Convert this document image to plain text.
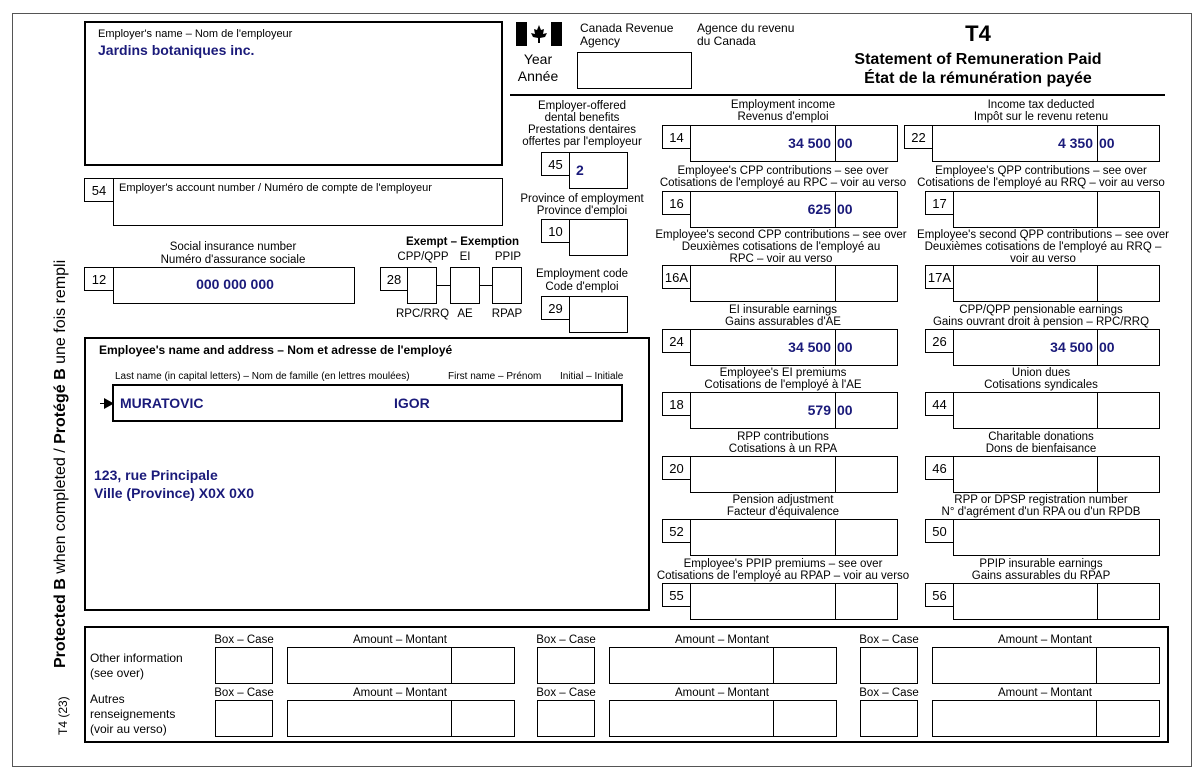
Protected B when completed / Protégé B une fois rempli
T4 (23)
Employer's name – Nom de l'employeur
Jardins botaniques inc.
Canada Revenue Agency
Agence du revenu du Canada
Year
Année
T4
Statement of Remuneration Paid
État de la rémunération payée
54	Employer's account number / Numéro de compte de l'employeur
Social insurance number
Numéro d'assurance sociale
12	000 000 000
Exempt – Exemption
CPP/QPP EI	PPIP
28
RPC/RRQ AE	RPAP
Employee's name and address – Nom et adresse de l'employé
Last name (in capital letters) – Nom de famille (en lettres moulées)	First name – Prénom Initial – Initiale
123, rue Principale
Ville (Province) X0X 0X0
MURATOVIC	IGOR
Employer-offered
dental benefits
Prestations dentaires
offertes par l'employeur
45 2
Province of employment
Province d'emploi
10
Employment code
Code d'emploi
29
Employment income
Revenus d'emploi
14	34 500 00
Income tax deducted
Impôt sur le revenu retenu
22	4 350 00
Employee's CPP contributions – see over
Cotisations de l'employé au RPC – voir au verso
16	625 00
Employee's QPP contributions – see over
Cotisations de l'employé au RRQ – voir au verso
17
Employee's second CPP contributions – see over
Deuxièmes cotisations de l'employé au
RPC – voir au verso
16A
Employee's second QPP contributions – see over
Deuxièmes cotisations de l'employé au RRQ –
voir au verso
17A
EI insurable earnings
Gains assurables d'AE
24	34 500 00
CPP/QPP pensionable earnings
Gains ouvrant droit à pension – RPC/RRQ
26	34 500 00
Employee's EI premiums
Cotisations de l'employé à l'AE
18	579 00
Union dues
Cotisations syndicales
44
RPP contributions
Cotisations à un RPA
20
Charitable donations
Dons de bienfaisance
46
Pension adjustment
Facteur d'équivalence
52
RPP or DPSP registration number
N° d'agrément d'un RPA ou d'un RPDB
50
Employee's PPIP premiums – see over
Cotisations de l'employé au RPAP – voir au verso
55
PPIP insurable earnings
Gains assurables du RPAP
56
Other information
(see over)
Autres
renseignements
(voir au verso)
Box – Case	Amount – Montant
Box – Case	Amount – Montant
Box – Case	Amount – Montant
Box – Case	Amount – Montant
Box – Case	Amount – Montant
Box – Case	Amount – Montant
